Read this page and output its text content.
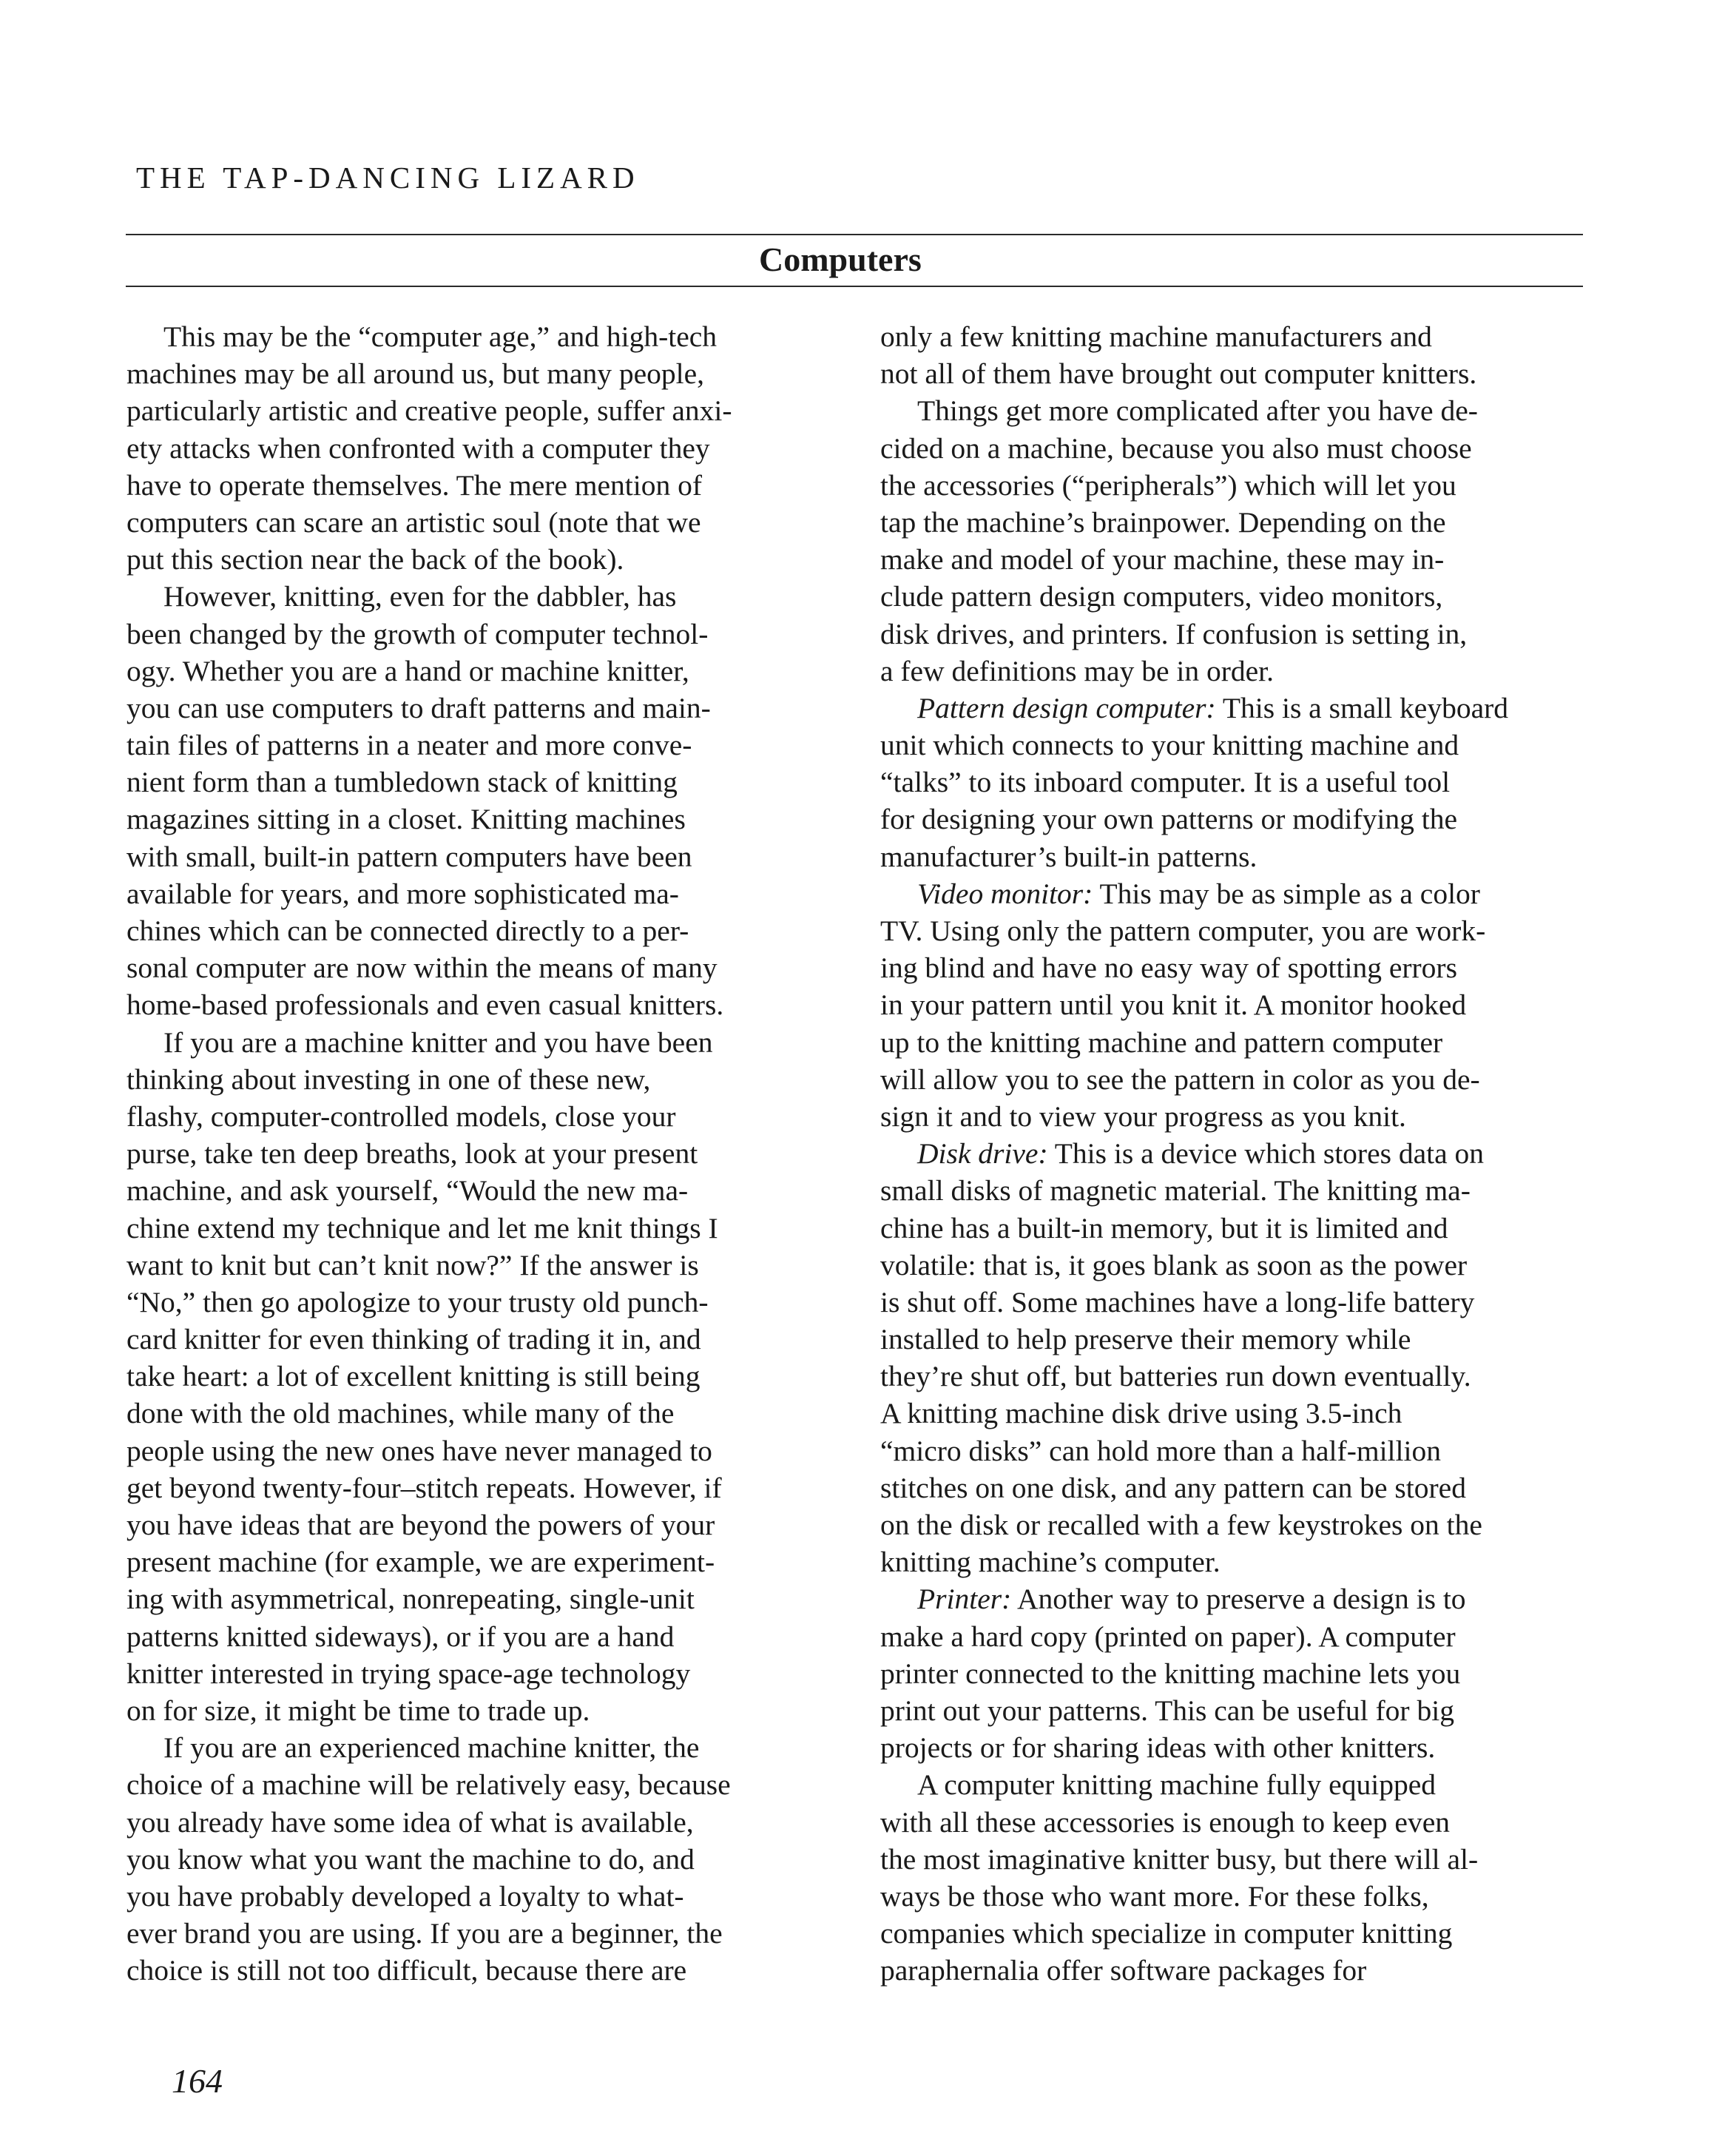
THE TAP-DANCING LIZARD
Computers
This may be the “computer age,” and high-tech
machines may be all around us, but many people,
particularly artistic and creative people, suffer anxi-
ety attacks when confronted with a computer they
have to operate themselves. The mere mention of
computers can scare an artistic soul (note that we
put this section near the back of the book).
However, knitting, even for the dabbler, has
been changed by the growth of computer technol-
ogy. Whether you are a hand or machine knitter,
you can use computers to draft patterns and main-
tain files of patterns in a neater and more conve-
nient form than a tumbledown stack of knitting
magazines sitting in a closet. Knitting machines
with small, built-in pattern computers have been
available for years, and more sophisticated ma-
chines which can be connected directly to a per-
sonal computer are now within the means of many
home-based professionals and even casual knitters.
If you are a machine knitter and you have been
thinking about investing in one of these new,
flashy, computer-controlled models, close your
purse, take ten deep breaths, look at your present
machine, and ask yourself, “Would the new ma-
chine extend my technique and let me knit things I
want to knit but can’t knit now?” If the answer is
“No,” then go apologize to your trusty old punch-
card knitter for even thinking of trading it in, and
take heart: a lot of excellent knitting is still being
done with the old machines, while many of the
people using the new ones have never managed to
get beyond twenty-four–stitch repeats. However, if
you have ideas that are beyond the powers of your
present machine (for example, we are experiment-
ing with asymmetrical, nonrepeating, single-unit
patterns knitted sideways), or if you are a hand
knitter interested in trying space-age technology
on for size, it might be time to trade up.
If you are an experienced machine knitter, the
choice of a machine will be relatively easy, because
you already have some idea of what is available,
you know what you want the machine to do, and
you have probably developed a loyalty to what-
ever brand you are using. If you are a beginner, the
choice is still not too difficult, because there are
only a few knitting machine manufacturers and
not all of them have brought out computer knitters.
Things get more complicated after you have de-
cided on a machine, because you also must choose
the accessories (“peripherals”) which will let you
tap the machine’s brainpower. Depending on the
make and model of your machine, these may in-
clude pattern design computers, video monitors,
disk drives, and printers. If confusion is setting in,
a few definitions may be in order.
Pattern design computer: This is a small keyboard
unit which connects to your knitting machine and
“talks” to its inboard computer. It is a useful tool
for designing your own patterns or modifying the
manufacturer’s built-in patterns.
Video monitor: This may be as simple as a color
TV. Using only the pattern computer, you are work-
ing blind and have no easy way of spotting errors
in your pattern until you knit it. A monitor hooked
up to the knitting machine and pattern computer
will allow you to see the pattern in color as you de-
sign it and to view your progress as you knit.
Disk drive: This is a device which stores data on
small disks of magnetic material. The knitting ma-
chine has a built-in memory, but it is limited and
volatile: that is, it goes blank as soon as the power
is shut off. Some machines have a long-life battery
installed to help preserve their memory while
they’re shut off, but batteries run down eventually.
A knitting machine disk drive using 3.5-inch
“micro disks” can hold more than a half-million
stitches on one disk, and any pattern can be stored
on the disk or recalled with a few keystrokes on the
knitting machine’s computer.
Printer: Another way to preserve a design is to
make a hard copy (printed on paper). A computer
printer connected to the knitting machine lets you
print out your patterns. This can be useful for big
projects or for sharing ideas with other knitters.
A computer knitting machine fully equipped
with all these accessories is enough to keep even
the most imaginative knitter busy, but there will al-
ways be those who want more. For these folks,
companies which specialize in computer knitting
paraphernalia offer software packages for
164
